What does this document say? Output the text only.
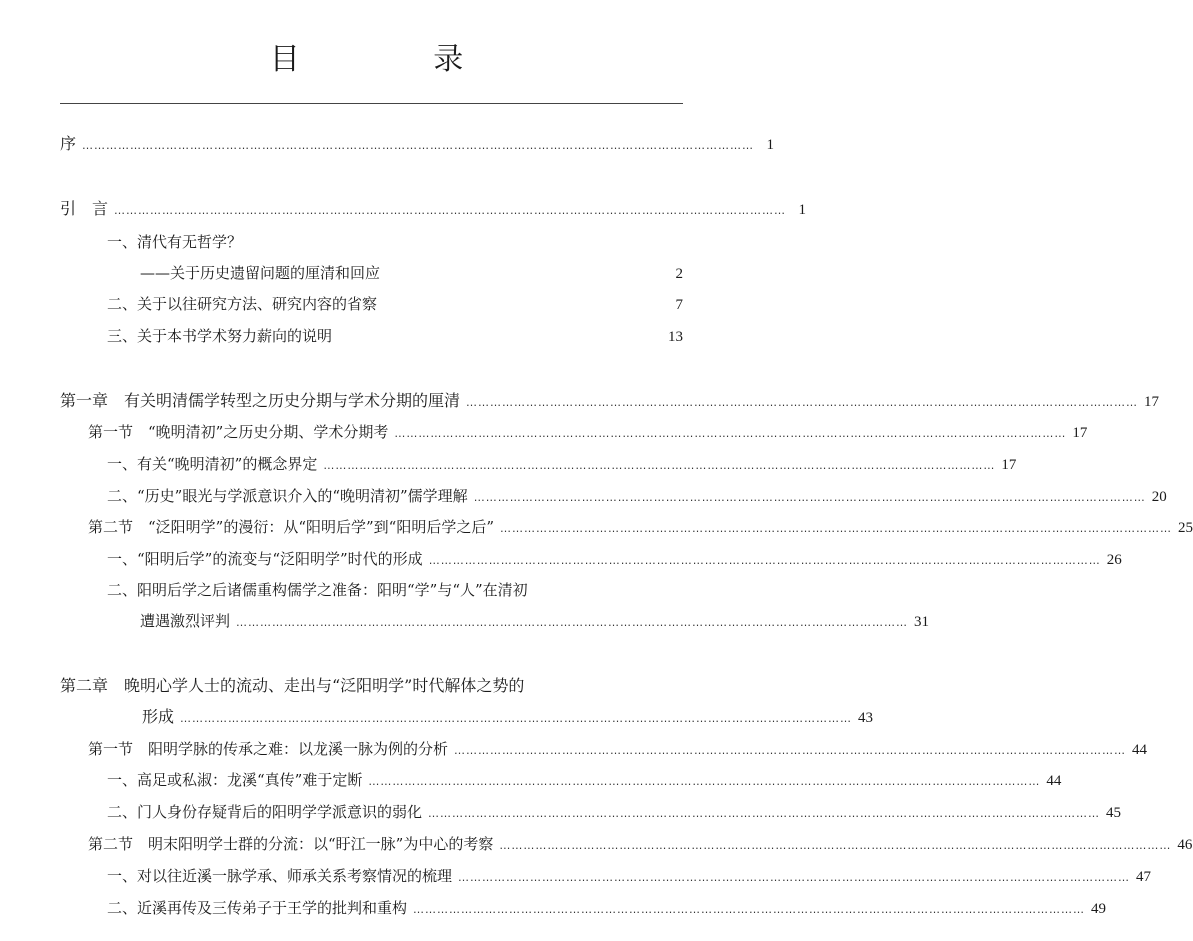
目 录
序 …………………………………………………………………………………………………………………………………………………… 1
引　言 …………………………………………………………………………………………………………………………………………………… 1
一、清代有无哲学？
——关于历史遗留问题的厘清和回应	2
二、关于以往研究方法、研究内容的省察	7
三、关于本书学术努力薪向的说明	13
第一章　有关明清儒学转型之历史分期与学术分期的厘清 …………………………………………………………………………………………………………………………………………………… 17
第一节　“晚明清初”之历史分期、学术分期考 …………………………………………………………………………………………………………………………………………………… 17
一、有关“晚明清初”的概念界定 …………………………………………………………………………………………………………………………………………………… 17
二、“历史”眼光与学派意识介入的“晚明清初”儒学理解 …………………………………………………………………………………………………………………………………………………… 20
第二节　“泛阳明学”的漫衍：从“阳明后学”到“阳明后学之后” …………………………………………………………………………………………………………………………………………………… 25
一、“阳明后学”的流变与“泛阳明学”时代的形成 …………………………………………………………………………………………………………………………………………………… 26
二、阳明后学之后诸儒重构儒学之准备：阳明“学”与“人”在清初
遭遇激烈评判 …………………………………………………………………………………………………………………………………………………… 31
第二章　晚明心学人士的流动、走出与“泛阳明学”时代解体之势的
形成 …………………………………………………………………………………………………………………………………………………… 43
第一节　阳明学脉的传承之难：以龙溪一脉为例的分析 …………………………………………………………………………………………………………………………………………………… 44
一、高足或私淑：龙溪“真传”难于定断 …………………………………………………………………………………………………………………………………………………… 44
二、门人身份存疑背后的阳明学学派意识的弱化 …………………………………………………………………………………………………………………………………………………… 45
第二节　明末阳明学士群的分流：以“盱江一脉”为中心的考察 …………………………………………………………………………………………………………………………………………………… 46
一、对以往近溪一脉学承、师承关系考察情况的梳理 …………………………………………………………………………………………………………………………………………………… 47
二、近溪再传及三传弟子于王学的批判和重构 …………………………………………………………………………………………………………………………………………………… 49
